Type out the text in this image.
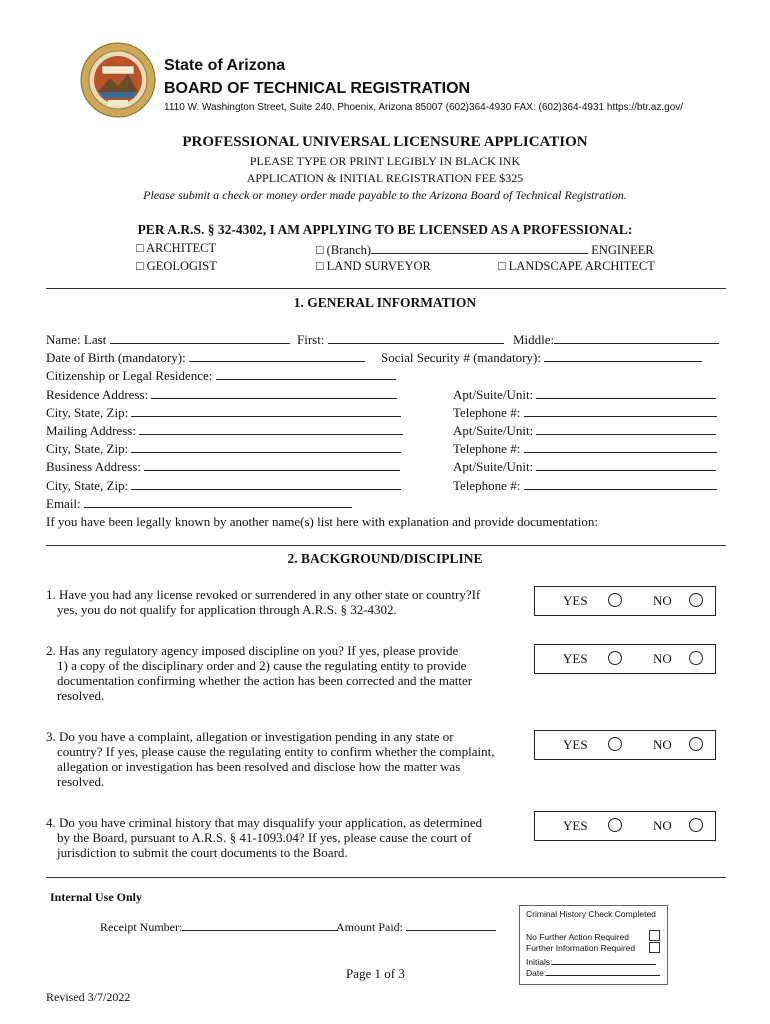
State of Arizona
BOARD OF TECHNICAL REGISTRATION
1110 W. Washington Street, Suite 240, Phoenix, Arizona 85007 (602)364-4930 FAX: (602)364-4931 https://btr.az.gov/
PROFESSIONAL UNIVERSAL LICENSURE APPLICATION
PLEASE TYPE OR PRINT LEGIBLY IN BLACK INK
APPLICATION & INITIAL REGISTRATION FEE $325
Please submit a check or money order made payable to the Arizona Board of Technical Registration.
PER A.R.S. § 32-4302, I AM APPLYING TO BE LICENSED AS A PROFESSIONAL:
□ ARCHITECT	□ (Branch)	ENGINEER
□ GEOLOGIST	□ LAND SURVEYOR	□ LANDSCAPE ARCHITECT
1. GENERAL INFORMATION
Name: Last	First:	Middle:
Date of Birth (mandatory):	Social Security # (mandatory):
Citizenship or Legal Residence:
Residence Address:	Apt/Suite/Unit:
City, State, Zip:	Telephone #:
Mailing Address:	Apt/Suite/Unit:
City, State, Zip:	Telephone #:
Business Address:	Apt/Suite/Unit:
City, State, Zip:	Telephone #:
Email:
If you have been legally known by another name(s) list here with explanation and provide documentation:
2. BACKGROUND/DISCIPLINE
1. Have you had any license revoked or surrendered in any other state or country?If
yes, you do not qualify for application through A.R.S. § 32-4302.
YES	NO
2. Has any regulatory agency imposed discipline on you? If yes, please provide
1) a copy of the disciplinary order and 2) cause the regulating entity to provide
documentation confirming whether the action has been corrected and the matter
resolved.
YES	NO
3. Do you have a complaint, allegation or investigation pending in any state or
country? If yes, please cause the regulating entity to confirm whether the complaint,
allegation or investigation has been resolved and disclose how the matter was
resolved.
YES	NO
4. Do you have criminal history that may disqualify your application, as determined
by the Board, pursuant to A.R.S. § 41-1093.04? If yes, please cause the court of
jurisdiction to submit the court documents to the Board.
YES	NO
Internal Use Only
Receipt Number:	Amount Paid:
Criminal History Check Completed
No Further Action Required
Further Information Required
Initials:
Date:
Page 1 of 3
Revised 3/7/2022
